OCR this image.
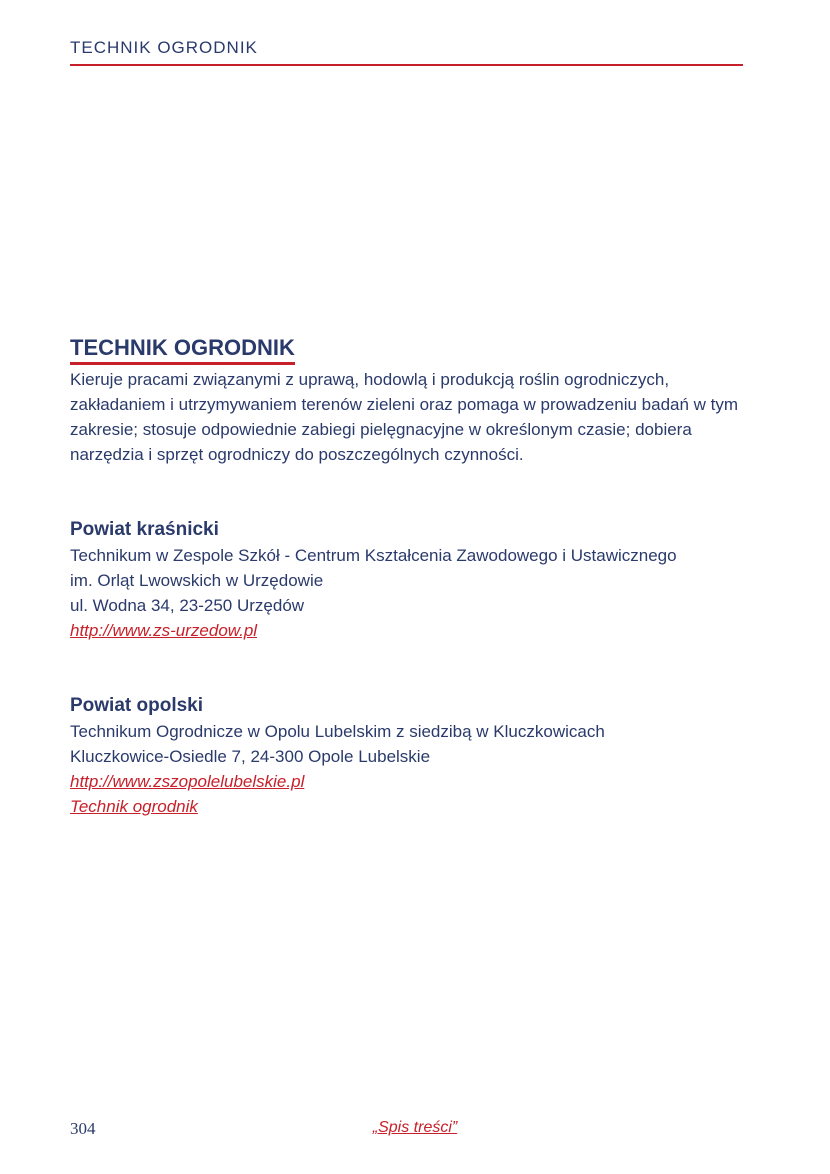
TECHNIK OGRODNIK
TECHNIK OGRODNIK

Kieruje pracami związanymi z uprawą, hodowlą i produkcją roślin ogrodniczych, zakładaniem i utrzymywaniem terenów zieleni oraz pomaga w prowadzeniu badań w tym zakresie; stosuje odpowiednie zabiegi pielęgnacyjne w określonym czasie; dobiera narzędzia i sprzęt ogrodniczy do poszczególnych czynności.

Powiat kraśnicki

Technikum w Zespole Szkół - Centrum Kształcenia Zawodowego i Ustawicznego

im. Orląt Lwowskich w Urzędowie

ul. Wodna 34, 23-250 Urzędów

http://www.zs-urzedow.pl
Powiat opolski

Technikum Ogrodnicze w Opolu Lubelskim z siedzibą w Kluczkowicach

Kluczkowice-Osiedle 7, 24-300 Opole Lubelskie

http://www.zszopolelubelskie.pl
Technik ogrodnik
304	„Spis treści”
